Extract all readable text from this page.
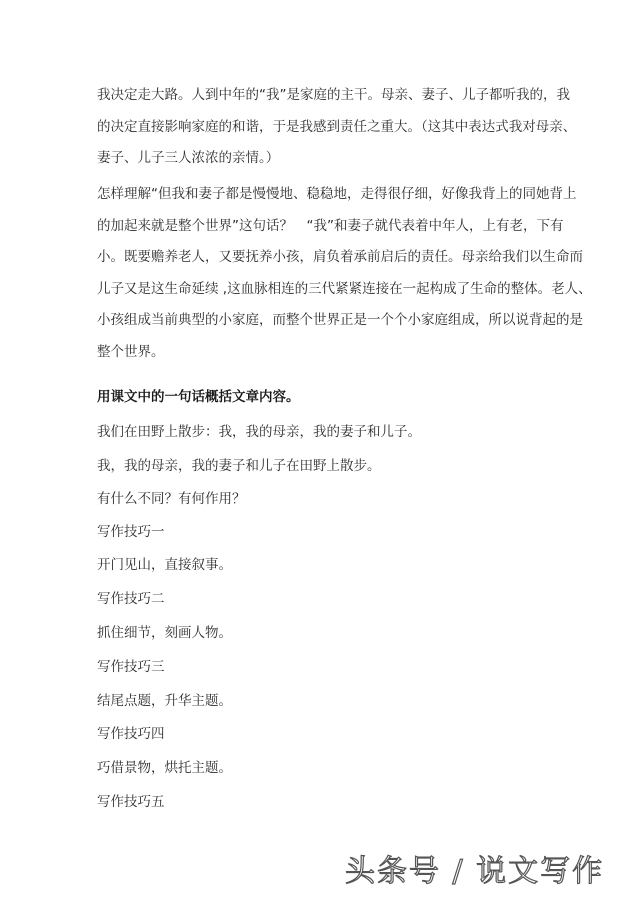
我决定走大路。人到中年的“我”是家庭的主干。母亲、妻子、儿子都听我的，我
的决定直接影响家庭的和谐，于是我感到责任之重大。（这其中表达式我对母亲、
妻子、儿子三人浓浓的亲情。）
怎样理解“但我和妻子都是慢慢地、稳稳地，走得很仔细，好像我背上的同她背上
的加起来就是整个世界”这句话？　“我”和妻子就代表着中年人，上有老，下有
小。既要赡养老人，又要抚养小孩，肩负着承前启后的责任。母亲给我们以生命而
儿子又是这生命延续 ,这血脉相连的三代紧紧连接在一起构成了生命的整体。老人、
小孩组成当前典型的小家庭，而整个世界正是一个个小家庭组成，所以说背起的是
整个世界。

用课文中的一句话概括文章内容。

我们在田野上散步：我，我的母亲，我的妻子和儿子。

我，我的母亲，我的妻子和儿子在田野上散步。

有什么不同？有何作用？

写作技巧一

开门见山，直接叙事。

写作技巧二

抓住细节，刻画人物。

写作技巧三

结尾点题，升华主题。

写作技巧四

巧借景物，烘托主题。

写作技巧五

头条号 / 说文写作
